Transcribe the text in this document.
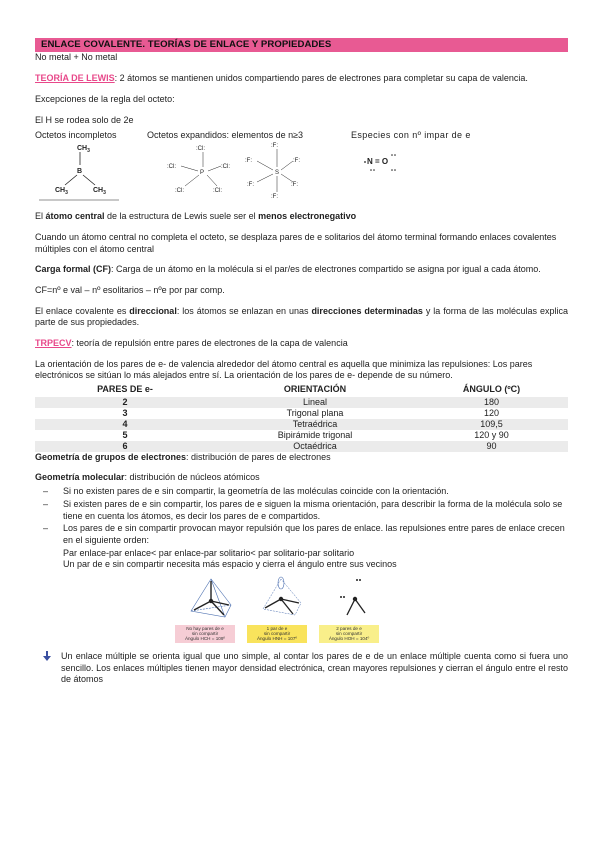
ENLACE COVALENTE. TEORÍAS DE ENLACE Y PROPIEDADES

No metal + No metal

TEORÍA DE LEWIS: 2 átomos se mantienen unidos compartiendo pares de electrones para completar su capa de valencia.

Excepciones de la regla del octeto:

El H se rodea solo de 2e

Octetos incompletos	Octetos expandidos: elementos de n≥3	Especies con nº impar de e
$CH_3$
B
$CH_3$	$CH_3$
:Cl:
:Cl:	:Cl:
:Cl:	:Cl:
P
:F:
:F:	:F:
:F:	:F:
:F:
S
N = O

El átomo central de la estructura de Lewis suele ser el menos electronegativo

Cuando un átomo central no completa el octeto, se desplaza pares de e solitarios del átomo terminal formando enlaces covalentes múltiples con el átomo central

Carga formal (CF): Carga de un átomo en la molécula si el par/es de electrones compartido se asigna por igual a cada átomo.

CF=nº e val – nº esolitarios – nºe por par comp.

El enlace covalente es direccional: los átomos se enlazan en unas direcciones determinadas y la forma de las moléculas explica parte de sus propiedades.

TRPECV: teoría de repulsión entre pares de electrones de la capa de valencia

La orientación de los pares de e- de valencia alrededor del átomo central es aquella que minimiza las repulsiones: Los pares electrónicos se sitúan lo más alejados entre sí. La orientación de los pares de e- depende de su número.

PARES DE e-	ORIENTACIÓN	ÁNGULO (ºC)
2	Lineal	180
3	Trigonal plana	120
4	Tetraédrica	109,5
5	Bipirámide trigonal	120 y 90
6	Octaédrica	90

Geometría de grupos de electrones: distribución de pares de electrones

Geometría molecular: distribución de núcleos atómicos

– Si no existen pares de e sin compartir, la geometría de las moléculas coincide con la orientación.
– Si existen pares de e sin compartir, los pares de e siguen la misma orientación, para describir la forma de la molécula solo se tiene en cuenta los átomos, es decir los pares de e compartidos.
– Los pares de e sin compartir provocan mayor repulsión que los pares de enlace. las repulsiones entre pares de enlace crecen en el siguiente orden:

Par enlace-par enlace< par enlace-par solitario< par solitario-par solitario

Un par de e sin compartir necesita más espacio y cierra el ángulo entre sus vecinos

No hay pares de e
sin compartir
Ángulo HCH = 109º
1 par de e
sin compartir
Ángulo HNH = 107º
2 pares de e
sin compartir
Ángulo HOH = 104º
Un enlace múltiple se orienta igual que uno simple, al contar los pares de e de un enlace múltiple cuenta como si fuera uno sencillo. Los enlaces múltiples tienen mayor densidad electrónica, crean mayores repulsiones y cierran el ángulo entre el resto de átomos
